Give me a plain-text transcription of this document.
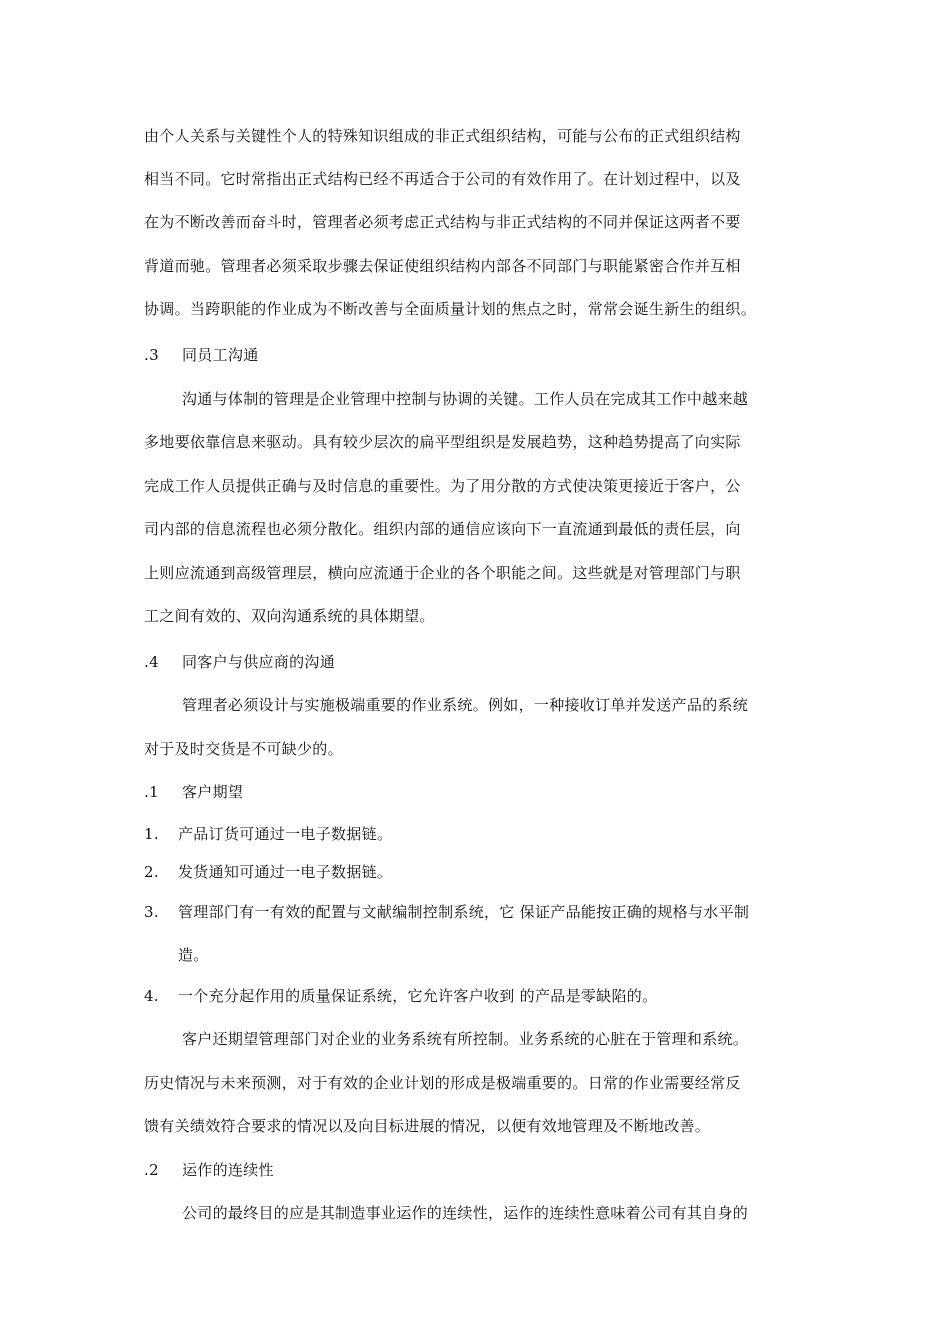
由个人关系与关键性个人的特殊知识组成的非正式组织结构，可能与公布的正式组织结构
相当不同。它时常指出正式结构已经不再适合于公司的有效作用了。在计划过程中，以及
在为不断改善而奋斗时，管理者必须考虑正式结构与非正式结构的不同并保证这两者不要
背道而驰。管理者必须采取步骤去保证使组织结构内部各不同部门与职能紧密合作并互相
协调。当跨职能的作业成为不断改善与全面质量计划的焦点之时，常常会诞生新生的组织。
.3 同员工沟通
沟通与体制的管理是企业管理中控制与协调的关键。工作人员在完成其工作中越来越
多地要依靠信息来驱动。具有较少层次的扁平型组织是发展趋势，这种趋势提高了向实际
完成工作人员提供正确与及时信息的重要性。为了用分散的方式使决策更接近于客户，公
司内部的信息流程也必须分散化。组织内部的通信应该向下一直流通到最低的责任层，向
上则应流通到高级管理层，横向应流通于企业的各个职能之间。这些就是对管理部门与职
工之间有效的、双向沟通系统的具体期望。
.4 同客户与供应商的沟通
管理者必须设计与实施极端重要的作业系统。例如，一种接收订单并发送产品的系统
对于及时交货是不可缺少的。
.1 客户期望
1. 产品订货可通过一电子数据链。
2. 发货通知可通过一电子数据链。
3. 管理部门有一有效的配置与文献编制控制系统，它 保证产品能按正确的规格与水平制
造。
4. 一个充分起作用的质量保证系统，它允许客户收到 的产品是零缺陷的。
客户还期望管理部门对企业的业务系统有所控制。业务系统的心脏在于管理和系统。
历史情况与未来预测，对于有效的企业计划的形成是极端重要的。日常的作业需要经常反
馈有关绩效符合要求的情况以及向目标进展的情况，以便有效地管理及不断地改善。
.2 运作的连续性
公司的最终目的应是其制造事业运作的连续性，运作的连续性意味着公司有其自身的
